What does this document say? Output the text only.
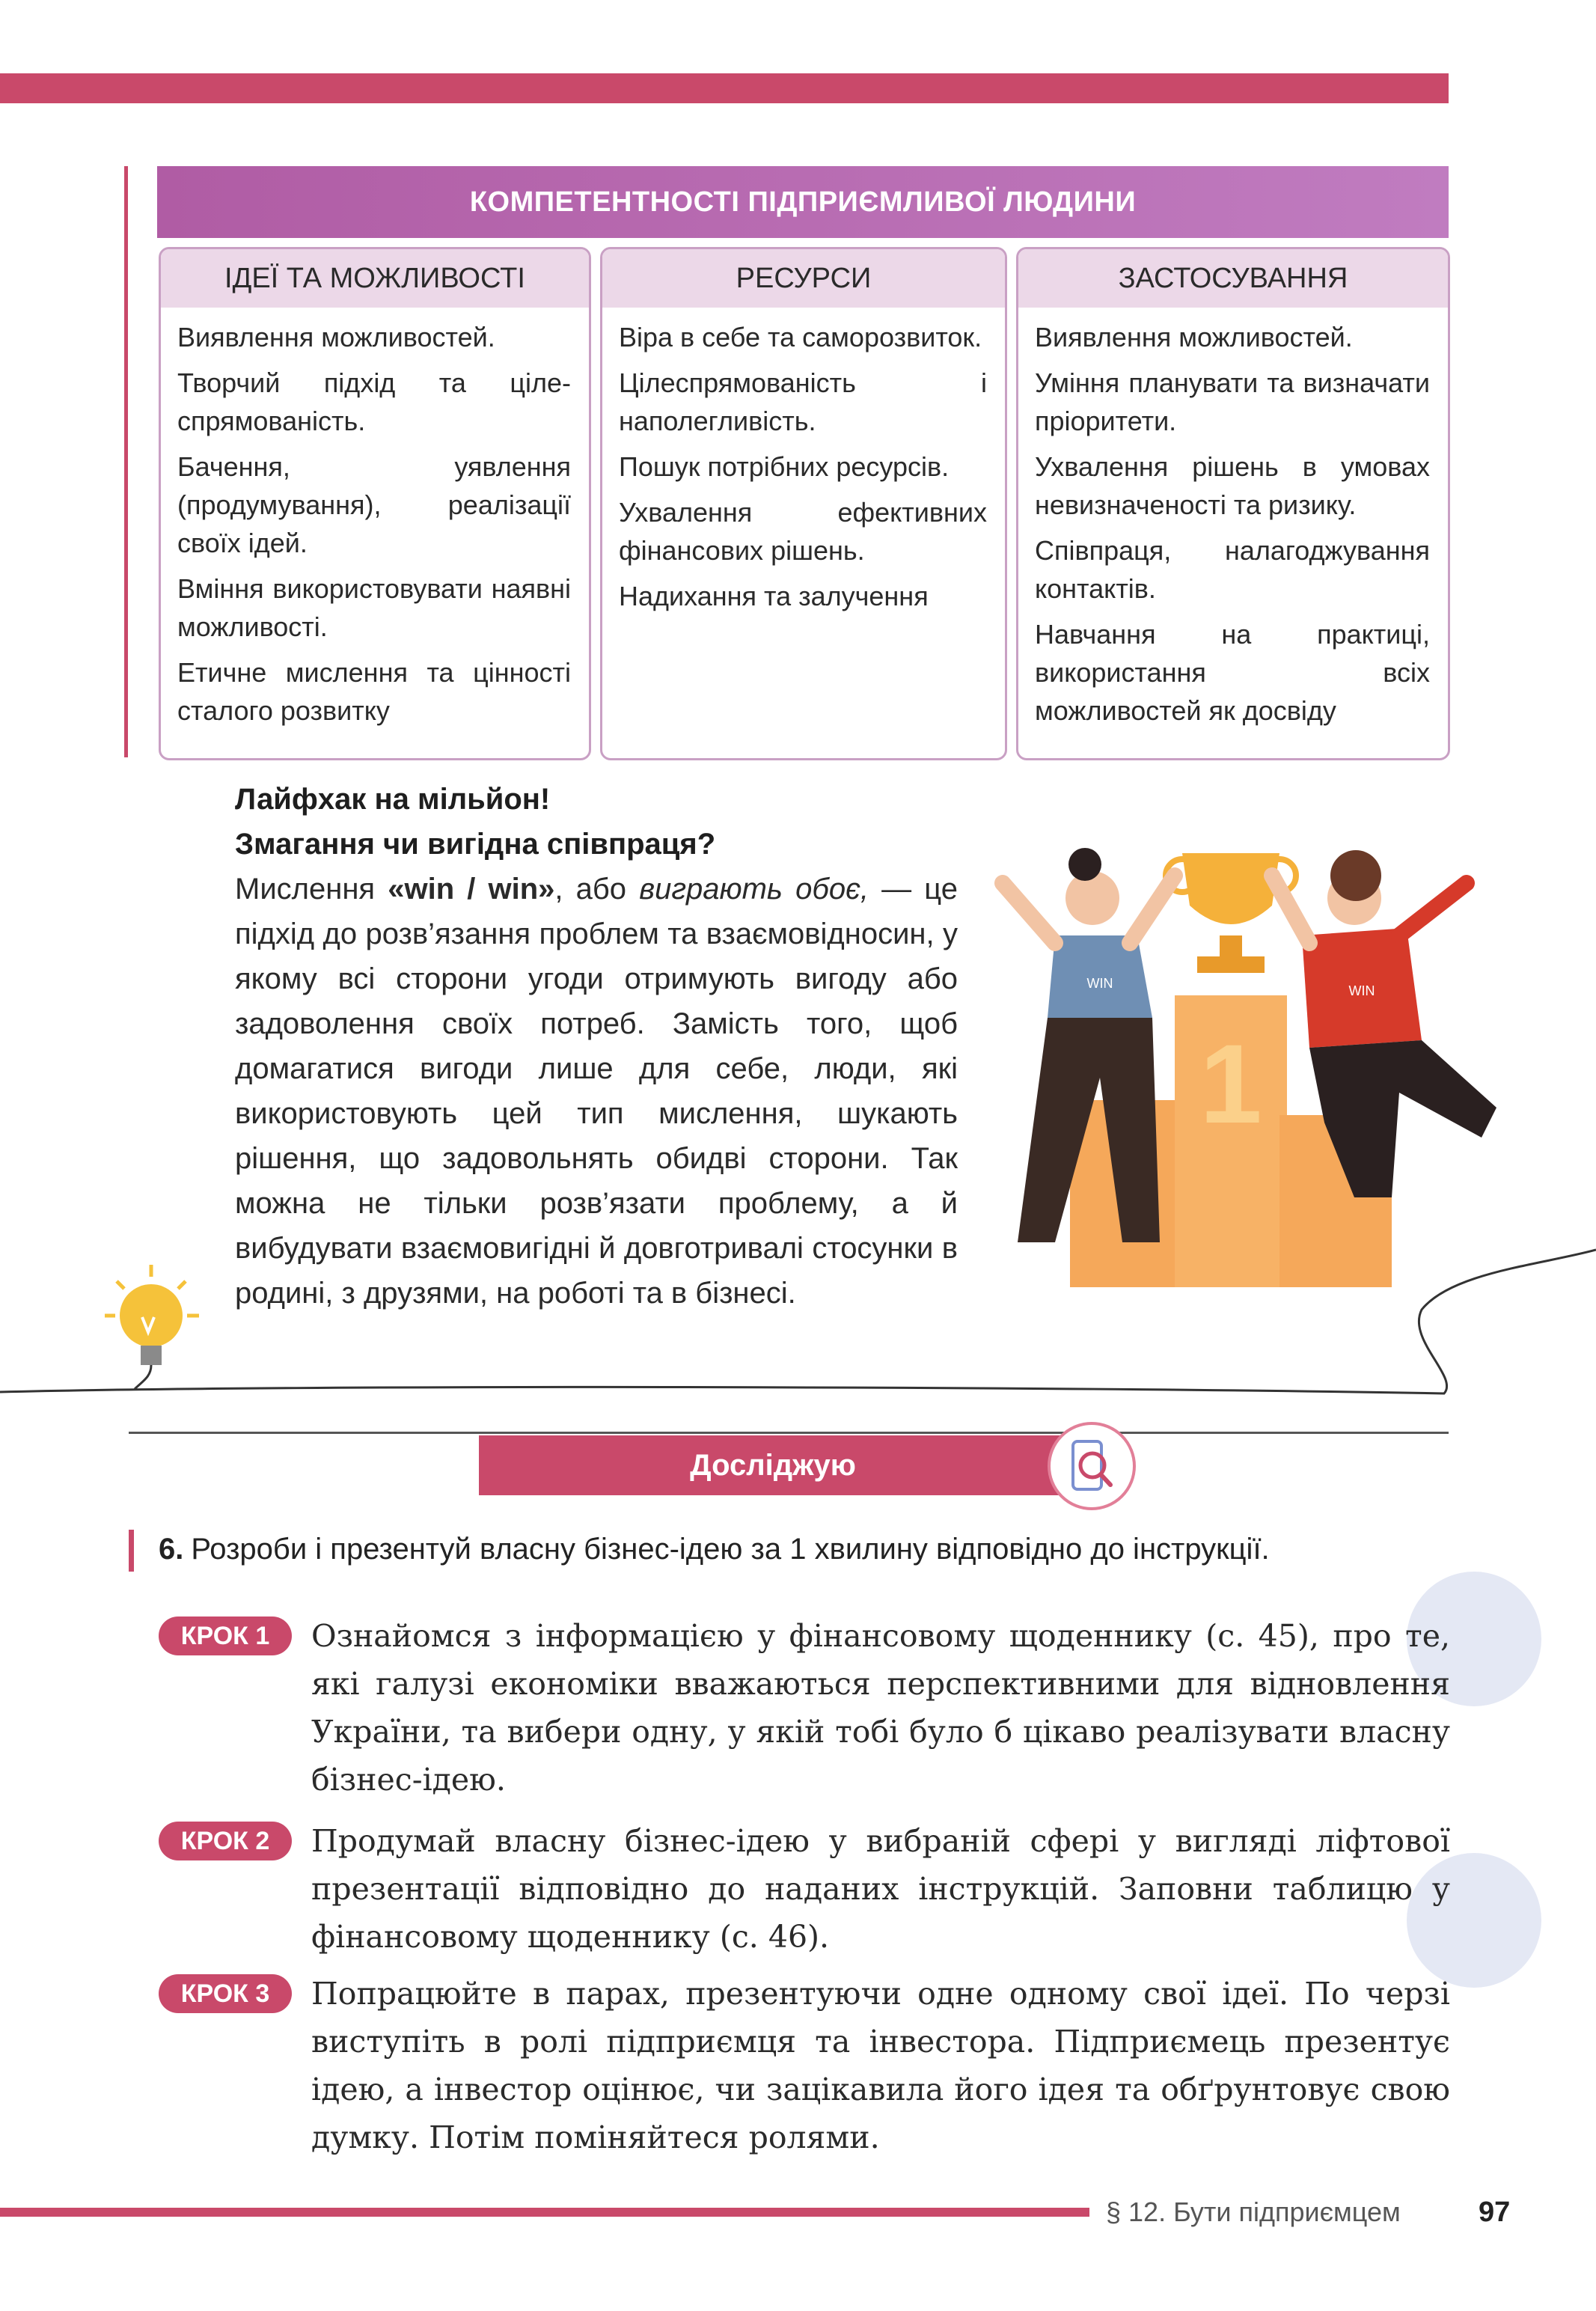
КОМПЕТЕНТНОСТІ ПІДПРИЄМЛИВОЇ ЛЮДИНИ
ІДЕЇ ТА МОЖЛИВОСТІ
Виявлення можливостей.
Творчий підхід та цілеспрямованість.
Бачення, уявлення (продумування), реалізації своїх ідей.
Вміння використовувати наявні можливості.
Етичне мислення та цінності сталого розвитку
РЕСУРСИ
Віра в себе та саморозвиток.
Цілеспрямованість і наполегливість.
Пошук потрібних ресурсів.
Ухвалення ефективних фінансових рішень.
Надихання та залучення
ЗАСТОСУВАННЯ
Виявлення можливостей.
Уміння планувати та визначати пріоритети.
Ухвалення рішень в умовах невизначеності та ризику.
Співпраця, налагоджування контактів.
Навчання на практиці, використання всіх можливостей як досвіду
Лайфхак на мільйон!
Змагання чи вигідна співпраця?
Мислення «win / win», або виграють обоє, — це підхід до розв’язання проблем та взаємовідносин, у якому всі сторони угоди отримують вигоду або задоволення своїх потреб. Замість того, щоб домагатися вигоди лише для себе, люди, які використовують цей тип мислення, шукають рішення, що задовольнять обидві сторони. Так можна не тільки розв’язати проблему, а й вибудувати взаємовигідні й довготривалі стосунки в родині, з друзями, на роботі та в бізнесі.
1
WIN	WIN
Досліджую
6. Розроби і презентуй власну бізнес-ідею за 1 хвилину відповідно до інструкції.
КРОК 1	Ознайомся з інформацією у фінансовому щоденнику (с. 45), про те, які галузі економіки вважаються перспективними для відновлення України, та вибери одну, у якій тобі було б цікаво реалізувати власну бізнес-ідею.
КРОК 2	Продумай власну бізнес-ідею у вибраній сфері у вигляді ліфтової презентації відповідно до наданих інструкцій. Заповни таблицю у фінансовому щоденнику (с. 46).
КРОК 3	Попрацюйте в парах, презентуючи одне одному свої ідеї. По черзі виступіть в ролі підприємця та інвестора. Підприємець презентує ідею, а інвестор оцінює, чи зацікавила його ідея та обґрунтовує свою думку. Потім поміняйтеся ролями.
§ 12. Бути підприємцем	97
